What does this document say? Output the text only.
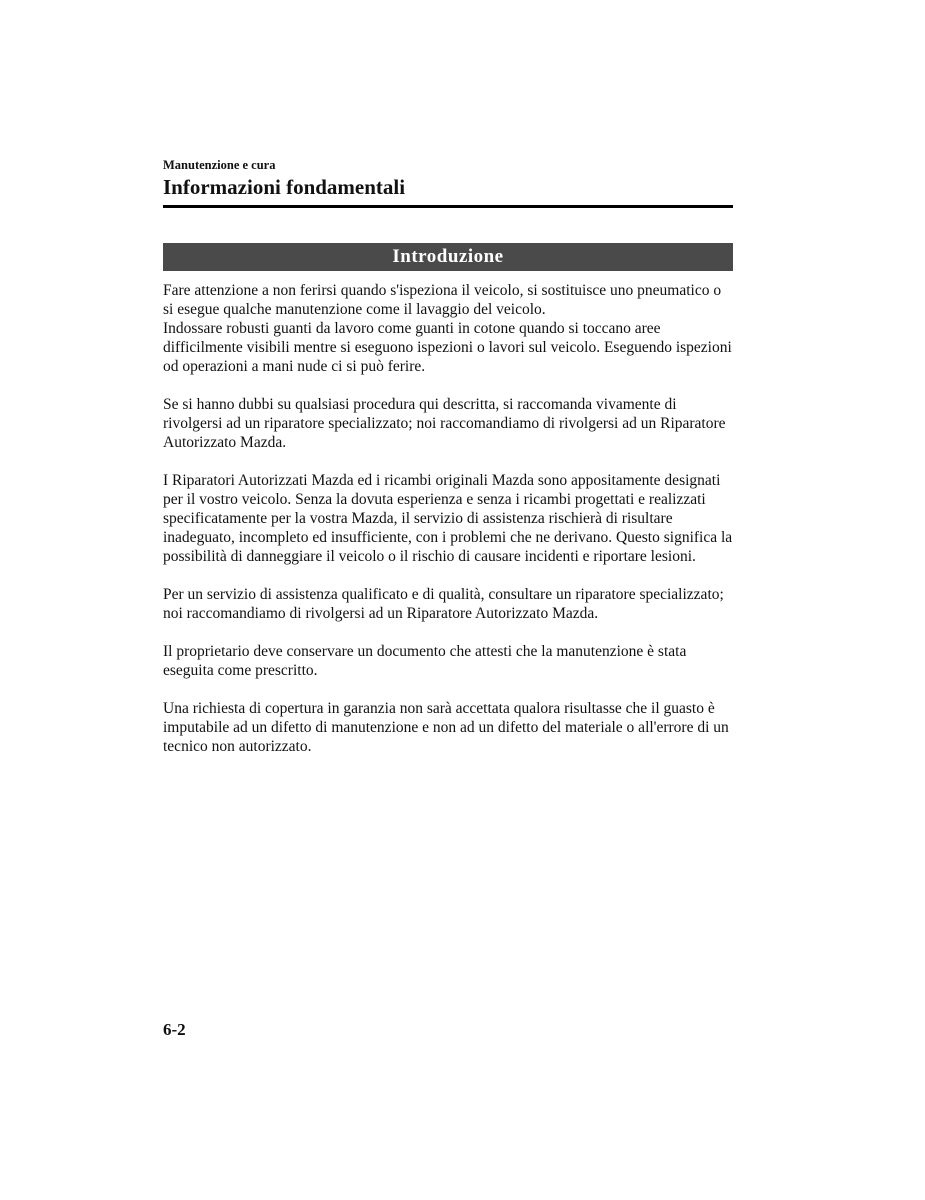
Manutenzione e cura
Informazioni fondamentali
Introduzione

Fare attenzione a non ferirsi quando s'ispeziona il veicolo, si sostituisce uno pneumatico o si esegue qualche manutenzione come il lavaggio del veicolo.

Indossare robusti guanti da lavoro come guanti in cotone quando si toccano aree difficilmente visibili mentre si eseguono ispezioni o lavori sul veicolo. Eseguendo ispezioni od operazioni a mani nude ci si può ferire.

Se si hanno dubbi su qualsiasi procedura qui descritta, si raccomanda vivamente di rivolgersi ad un riparatore specializzato; noi raccomandiamo di rivolgersi ad un Riparatore Autorizzato Mazda.

I Riparatori Autorizzati Mazda ed i ricambi originali Mazda sono appositamente designati per il vostro veicolo. Senza la dovuta esperienza e senza i ricambi progettati e realizzati specificatamente per la vostra Mazda, il servizio di assistenza rischierà di risultare inadeguato, incompleto ed insufficiente, con i problemi che ne derivano. Questo significa la possibilità di danneggiare il veicolo o il rischio di causare incidenti e riportare lesioni.

Per un servizio di assistenza qualificato e di qualità, consultare un riparatore specializzato; noi raccomandiamo di rivolgersi ad un Riparatore Autorizzato Mazda.

Il proprietario deve conservare un documento che attesti che la manutenzione è stata eseguita come prescritto.

Una richiesta di copertura in garanzia non sarà accettata qualora risultasse che il guasto è imputabile ad un difetto di manutenzione e non ad un difetto del materiale o all'errore di un tecnico non autorizzato.

6-2
